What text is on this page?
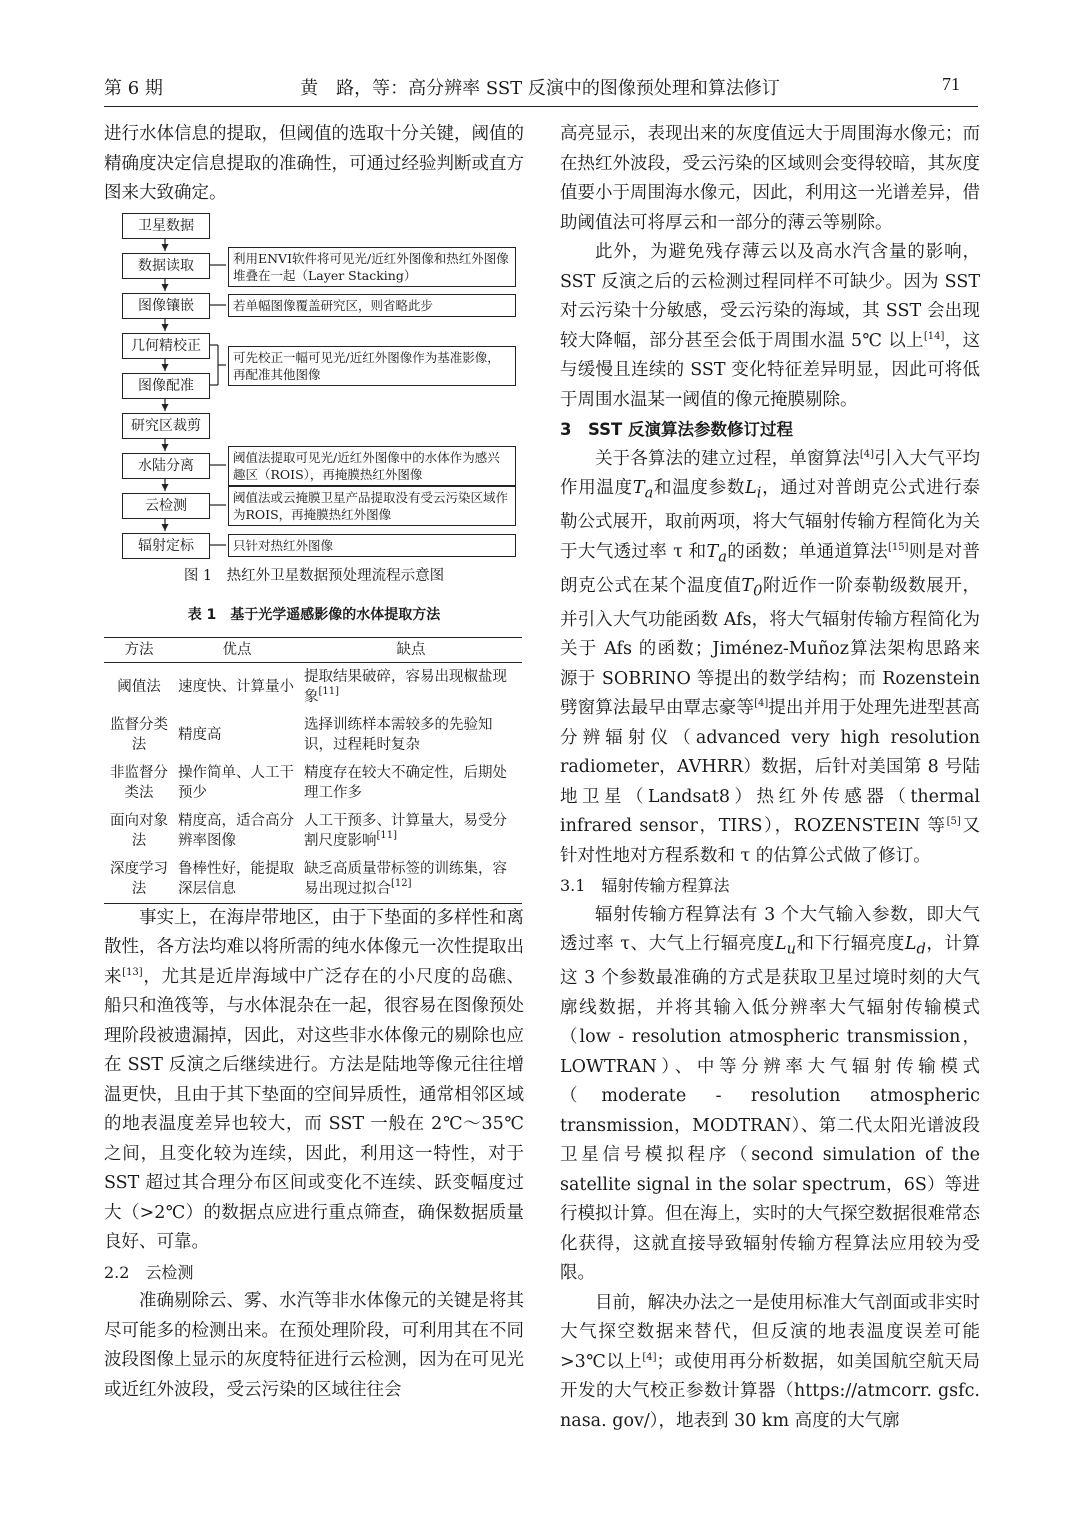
第 6 期	黄　路，等：高分辨率 SST 反演中的图像预处理和算法修订	71

进行水体信息的提取，但阈值的选取十分关键，阈值的精确度决定信息提取的准确性，可通过经验判断或直方图来大致确定。

卫星数据
数据读取
图像镶嵌
几何精校正
图像配准
研究区裁剪
水陆分离
云检测
辐射定标
利用ENVI软件将可见光/近红外图像和热红外图像堆叠在一起（Layer Stacking）
若单幅图像覆盖研究区，则省略此步
可先校正一幅可见光/近红外图像作为基准影像，再配准其他图像
阈值法提取可见光/近红外图像中的水体作为感兴趣区（ROIS），再掩膜热红外图像
阈值法或云掩膜卫星产品提取没有受云污染区域作为ROIS，再掩膜热红外图像
只针对热红外图像
图 1　热红外卫星数据预处理流程示意图
表 1　基于光学遥感影像的水体提取方法
方法	优点	缺点
阈值法	速度快、计算量小	提取结果破碎，容易出现椒盐现象[11]
监督分类法	精度高	选择训练样本需较多的先验知识，过程耗时复杂
非监督分类法	操作简单、人工干预少	精度存在较大不确定性，后期处理工作多
面向对象法	精度高，适合高分辨率图像	人工干预多、计算量大，易受分割尺度影响[11]
深度学习法	鲁棒性好，能提取深层信息	缺乏高质量带标签的训练集，容易出现过拟合[12]

事实上，在海岸带地区，由于下垫面的多样性和离散性，各方法均难以将所需的纯水体像元一次性提取出来[13]，尤其是近岸海域中广泛存在的小尺度的岛礁、船只和渔筏等，与水体混杂在一起，很容易在图像预处理阶段被遗漏掉，因此，对这些非水体像元的剔除也应在 SST 反演之后继续进行。方法是陆地等像元往往增温更快，且由于其下垫面的空间异质性，通常相邻区域的地表温度差异也较大，而 SST 一般在 2℃～35℃之间，且变化较为连续，因此，利用这一特性，对于 SST 超过其合理分布区间或变化不连续、跃变幅度过大（>2℃）的数据点应进行重点筛查，确保数据质量良好、可靠。

2.2　云检测

准确剔除云、雾、水汽等非水体像元的关键是将其尽可能多的检测出来。在预处理阶段，可利用其在不同波段图像上显示的灰度特征进行云检测，因为在可见光或近红外波段，受云污染的区域往往会

高亮显示，表现出来的灰度值远大于周围海水像元；而在热红外波段，受云污染的区域则会变得较暗，其灰度值要小于周围海水像元，因此，利用这一光谱差异，借助阈值法可将厚云和一部分的薄云等剔除。

此外，为避免残存薄云以及高水汽含量的影响，SST 反演之后的云检测过程同样不可缺少。因为 SST 对云污染十分敏感，受云污染的海域，其 SST 会出现较大降幅，部分甚至会低于周围水温 5℃ 以上[14]，这与缓慢且连续的 SST 变化特征差异明显，因此可将低于周围水温某一阈值的像元掩膜剔除。

3　SST 反演算法参数修订过程

关于各算法的建立过程，单窗算法[4]引入大气平均作用温度$T_a$和温度参数$L_i$，通过对普朗克公式进行泰勒公式展开，取前两项，将大气辐射传输方程简化为关于大气透过率 τ 和$T_a$的函数；单通道算法[15]则是对普朗克公式在某个温度值$T_0$附近作一阶泰勒级数展开，并引入大气功能函数 Afs，将大气辐射传输方程简化为关于 Afs 的函数；Jiménez-Muñoz算法架构思路来源于 SOBRINO 等提出的数学结构；而 Rozenstein 劈窗算法最早由覃志豪等[4]提出并用于处理先进型甚高分辨辐射仪（advanced very high resolution radiometer，AVHRR）数据，后针对美国第 8 号陆地卫星（Landsat8）热红外传感器（thermal infrared sensor，TIRS），ROZENSTEIN 等[5]又针对性地对方程系数和 τ 的估算公式做了修订。

3.1　辐射传输方程算法

辐射传输方程算法有 3 个大气输入参数，即大气透过率 τ、大气上行辐亮度$L_u$和下行辐亮度$L_d$，计算这 3 个参数最准确的方式是获取卫星过境时刻的大气廓线数据，并将其输入低分辨率大气辐射传输模式（low - resolution atmospheric transmission，LOWTRAN）、中等分辨率大气辐射传输模式（moderate - resolution atmospheric transmission，MODTRAN）、第二代太阳光谱波段卫星信号模拟程序（second simulation of the satellite signal in the solar spectrum，6S）等进行模拟计算。但在海上，实时的大气探空数据很难常态化获得，这就直接导致辐射传输方程算法应用较为受限。

目前，解决办法之一是使用标准大气剖面或非实时大气探空数据来替代，但反演的地表温度误差可能 >3℃以上[4]；或使用再分析数据，如美国航空航天局开发的大气校正参数计算器（https://atmcorr. gsfc. nasa. gov/），地表到 30 km 高度的大气廓
